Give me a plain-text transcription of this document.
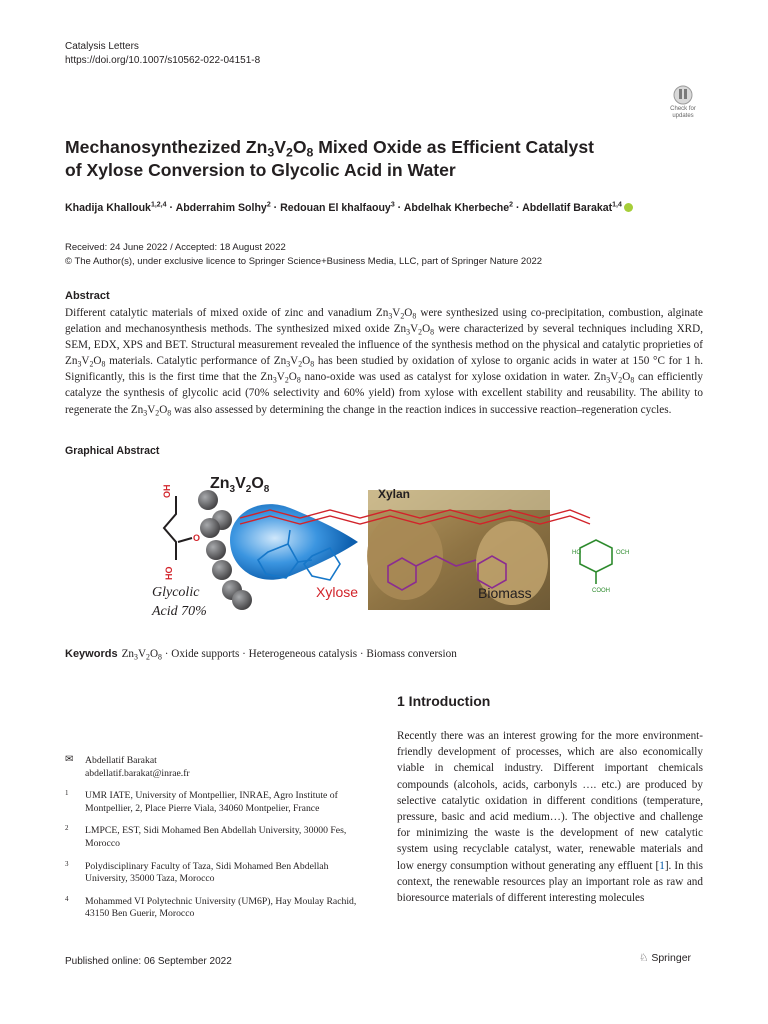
Catalysis Letters
https://doi.org/10.1007/s10562-022-04151-8
Check for
updates
Mechanosynthezized $Zn_3V_2O_8$ Mixed Oxide as Efficient Catalyst
of Xylose Conversion to Glycolic Acid in Water
Khadija Khallouk$^{1,2,4}$ · Abderrahim Solhy$^2$ · Redouan El khalfaouy$^3$ · Abdelhak Kherbeche$^2$ · Abdellatif Barakat$^{1,4}$
Received: 24 June 2022 / Accepted: 18 August 2022
© The Author(s), under exclusive licence to Springer Science+Business Media, LLC, part of Springer Nature 2022
Abstract
Different catalytic materials of mixed oxide of zinc and vanadium $Zn_3V_2O_8$ were synthesized using co-precipitation, combustion, alginate gelation and mechanosynthesis methods. The synthesized mixed oxide $Zn_3V_2O_8$ were characterized by several techniques including XRD, SEM, EDX, XPS and BET. Structural measurement revealed the influence of the synthesis method on the physical and catalytic proprieties of $Zn_3V_2O_8$ materials. Catalytic performance of $Zn_3V_2O_8$ has been studied by oxidation of xylose to organic acids in water at 150 °C for 1 h. Significantly, this is the first time that the $Zn_3V_2O_8$ nano-oxide was used as catalyst for xylose oxidation in water. $Zn_3V_2O_8$ can efficiently catalyze the synthesis of glycolic acid (70% selectivity and 60% yield) from xylose with excellent stability and reusability. The ability to regenerate the $Zn_3V_2O_8$ was also assessed by determining the change in the reaction indices in successive reaction–regeneration cycles.
Graphical Abstract
OH
O
HO
HO	OCH
COOH
$Zn_3V_2O_8$	Xylan
Xylose	Biomass
Glycolic
Acid 70%
Keywords $Zn_3V_2O_8$ · Oxide supports · Heterogeneous catalysis · Biomass conversion
1 Introduction
Recently there was an interest growing for the more environment-friendly development of processes, which are also economically viable in chemical industry. Different important chemicals compounds (alcohols, acids, carbonyls …. etc.) are produced by selective catalytic oxidation in different conditions (temperature, pressure, basic and acid medium…). The objective and challenge for minimizing the waste is the development of new catalytic system using recyclable catalyst, water, renewable materials and low energy consumption without generating any effluent [1]. In this context, the renewable resources play an important role as raw and bioresource materials of different interesting molecules
✉ Abdellatif Barakat
abdellatif.barakat@inrae.fr
1 UMR IATE, University of Montpellier, INRAE, Agro Institute of Montpellier, 2, Place Pierre Viala, 34060 Montpelier, France
2 LMPCE, EST, Sidi Mohamed Ben Abdellah University, 30000 Fes, Morocco
3 Polydisciplinary Faculty of Taza, Sidi Mohamed Ben Abdellah University, 35000 Taza, Morocco
4 Mohammed VI Polytechnic University (UM6P), Hay Moulay Rachid, 43150 Ben Guerir, Morocco
Published online: 06 September 2022	♘ Springer
